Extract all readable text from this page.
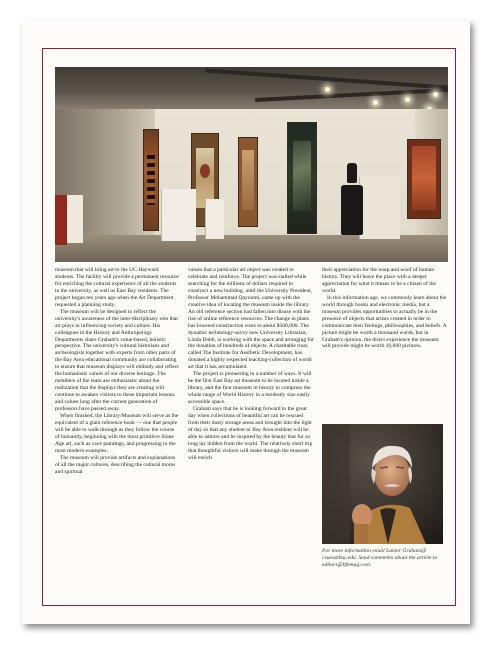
museum that will bring art to the UC Hayward students. The facility will provide a permanent resource for enriching the cultural experience of all the students in the university, as well as East Bay residents. The project began ten years ago when the Art Department requested a planning study.

The museum will be designed to reflect the university's awareness of the inter-disciplinary role that art plays in influencing society and culture. His colleagues in the History and Anthropology Departments share Graham's value-based, holistic perspective. The university's cultural historians and archeologists together with experts from other parts of the Bay Area educational community are collaborating to ensure that museum displays will embody and reflect the humanistic values of our diverse heritage. The members of the team are enthusiastic about the realization that the displays they are creating will continue to awaken visitors to these important lessons and values long after the current generation of professors have passed away.

When finished, the Library/Museum will serve as the equivalent of a giant reference book — one that people will be able to walk through as they follow the course of humanity, beginning with the most primitive Stone Age art, such as cave paintings, and progressing to the most modern examples.

The museum will provide artifacts and explanations of all the major cultures, describing the cultural mores and spiritual

values that a particular art object was created to celebrate and reinforce. The project was stalled while searching for the millions of dollars required to construct a new building, until the University President, Professor Mohammad Qayoumi, came up with the creative idea of locating the museum inside the library. An old reference section had fallen into disuse with the rise of online reference resources. The change in plans has lowered construction costs to about $500,000. The dynamic technology-savvy new University Librarian, Linda Dobb, is working with the space and arranging for the donation of hundreds of objects. A charitable trust, called The Institute for Aesthetic Development, has donated a highly respected teaching-collection of world art that it has accumulated.

The project is pioneering in a number of ways. It will be the first East Bay art museum to be located inside a library, and the first museum in history to compress the whole range of World History in a modestly size easily accessible space.

Graham says that he is looking forward to the great day when collections of beautiful art can be rescued from their dusty storage areas and brought into the light of day so that any student or Bay Area resident will be able to admire and be inspired by the beauty that for so long lay hidden from the world. The relatively short trip that thoughtful visitors will make through the museum will enrich

their appreciation for the warp and woof of human history. They will leave the place with a deeper appreciation for what it means to be a citizen of the world.

In this information age, we commonly learn about the world through books and electronic media, but a museum provides opportunities to actually be in the presence of objects that artists created in order to communicate their feelings, philosophies, and beliefs. A picture might be worth a thousand words, but in Graham's opinion, the direct experience the museum will provide might be worth 10,000 pictures.

For more information email Lanier Graham@ csueastbay.edu. Send comments about the article to editors@bfemag.com.
